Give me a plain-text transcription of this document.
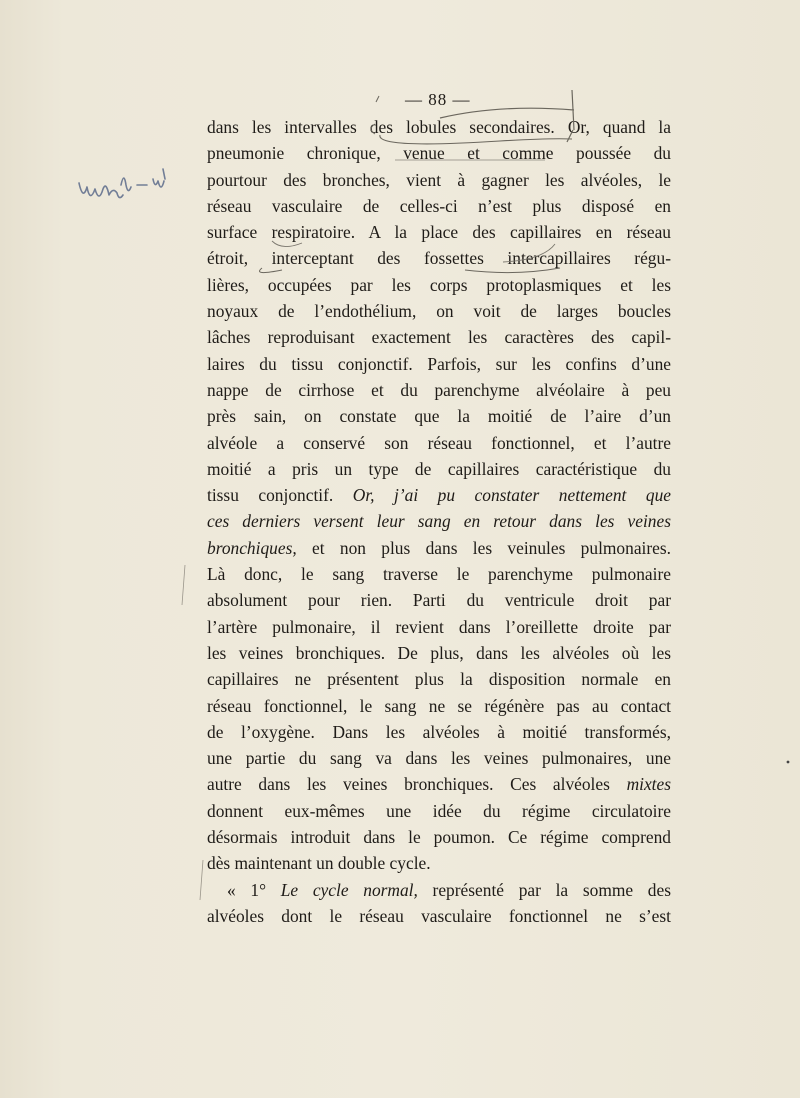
— 88 —
dans les intervalles des lobules secondaires. Or, quand la
pneumonie chronique, venue et comme poussée du
pourtour des bronches, vient à gagner les alvéoles, le
réseau vasculaire de celles-ci n’est plus disposé en
surface respiratoire. A la place des capillaires en réseau
étroit, interceptant des fossettes intercapillaires régu-
lières, occupées par les corps protoplasmiques et les
noyaux de l’endothélium, on voit de larges boucles
lâches reproduisant exactement les caractères des capil-
laires du tissu conjonctif. Parfois, sur les confins d’une
nappe de cirrhose et du parenchyme alvéolaire à peu
près sain, on constate que la moitié de l’aire d’un
alvéole a conservé son réseau fonctionnel, et l’autre
moitié a pris un type de capillaires caractéristique du
tissu conjonctif. Or, j’ai pu constater nettement que
ces derniers versent leur sang en retour dans les veines
bronchiques, et non plus dans les veinules pulmonaires.
Là donc, le sang traverse le parenchyme pulmonaire
absolument pour rien. Parti du ventricule droit par
l’artère pulmonaire, il revient dans l’oreillette droite par
les veines bronchiques. De plus, dans les alvéoles où les
capillaires ne présentent plus la disposition normale en
réseau fonctionnel, le sang ne se régénère pas au contact
de l’oxygène. Dans les alvéoles à moitié transformés,
une partie du sang va dans les veines pulmonaires, une
autre dans les veines bronchiques. Ces alvéoles mixtes
donnent eux-mêmes une idée du régime circulatoire
désormais introduit dans le poumon. Ce régime comprend
dès maintenant un double cycle.
« 1° Le cycle normal, représenté par la somme des
alvéoles dont le réseau vasculaire fonctionnel ne s’est
